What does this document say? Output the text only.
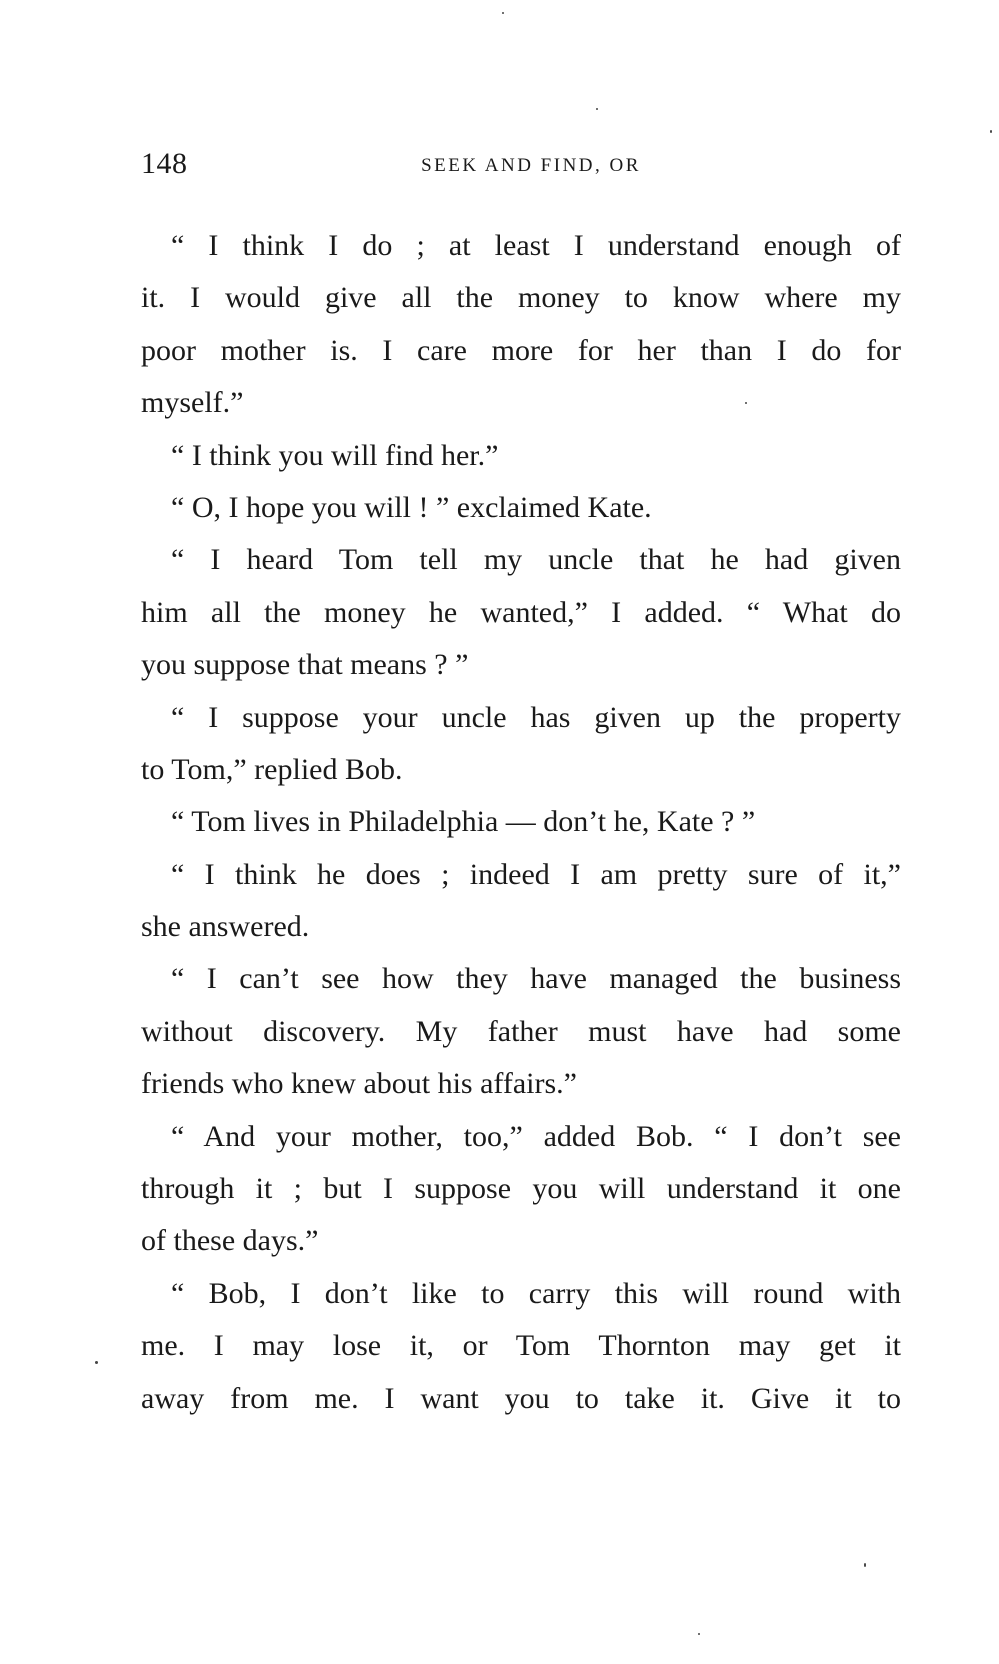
148	SEEK AND FIND, OR
“ I think I do ; at least I understand enough of
it. I would give all the money to know where my
poor mother is. I care more for her than I do for
myself.”
“ I think you will find her.”
“ O, I hope you will ! ” exclaimed Kate.
“ I heard Tom tell my uncle that he had given
him all the money he wanted,” I added. “ What do
you suppose that means ? ”
“ I suppose your uncle has given up the property
to Tom,” replied Bob.
“ Tom lives in Philadelphia — don’t he, Kate ? ”
“ I think he does ; indeed I am pretty sure of it,”
she answered.
“ I can’t see how they have managed the business
without discovery. My father must have had some
friends who knew about his affairs.”
“ And your mother, too,” added Bob. “ I don’t see
through it ; but I suppose you will understand it one
of these days.”
“ Bob, I don’t like to carry this will round with
me. I may lose it, or Tom Thornton may get it
away from me. I want you to take it. Give it to
